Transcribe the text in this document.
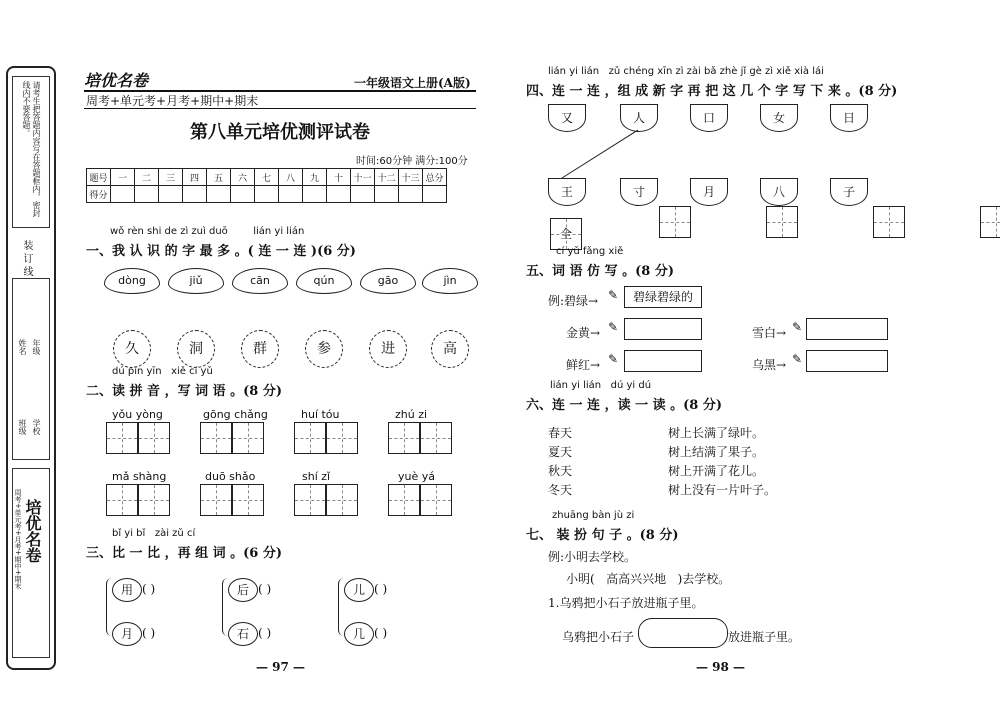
请考生把答题内容写在答题框内，密封线内不要答题。
装 订 线
年级
姓名
学校
班级
培优名卷
周考+单元考+月考+期中+期末
培优名卷	一年级语文上册(A版)
周考+单元考+月考+期中+期末
第八单元培优测评试卷
时间:60分钟 满分:100分
题号	一	二	三	四	五	六	七	八	九	十	十一	十二	十三	总分
得分														
wǒ rèn shi de zì zuì duō        lián yi lián
一、我 认 识 的 字 最 多 。( 连 一 连 )(6 分)
dòng	jiǔ	cān	qún	gāo	jìn
久	洞	群	参	进	高
dú pīn yīn   xiě cí yǔ
二、读 拼 音 ，写 词 语 。(8 分)
yǒu yòng	gōng chǎng	huí tóu	zhú zi
mǎ shàng	duō shǎo	shí zǐ	yuè yá
bǐ yi bǐ   zài zǔ cí
三、比 一 比 ，再 组 词 。(6 分)
用 ( )
月 ( )
后 ( )
石 ( )
儿 ( )
几 ( )
— 97 —
lián yi lián   zǔ chéng xīn zì zài bǎ zhè jǐ gè zì xiě xià lái
四、连 一 连 ，组 成 新 字 再 把 这 几 个 字 写 下 来 。(8 分)
又	人	口	女	日
王	寸	月	八	子
全
cí yǔ fǎng xiě
五、词 语 仿 写 。(8 分)
例:碧绿→ ✎	碧绿碧绿的
金黄→ ✎	雪白→ ✎
鲜红→ ✎	乌黑→ ✎
lián yi lián   dú yi dú
六、连 一 连 ，读 一 读 。(8 分)
春天
夏天
秋天
冬天
树上长满了绿叶。
树上结满了果子。
树上开满了花儿。
树上没有一片叶子。
zhuāng bàn jù zi
七、 装 扮 句 子 。(8 分)
例:小明去学校。
小明(   高高兴兴地   )去学校。
1.乌鸦把小石子放进瓶子里。
乌鸦把小石子	放进瓶子里。
— 98 —
